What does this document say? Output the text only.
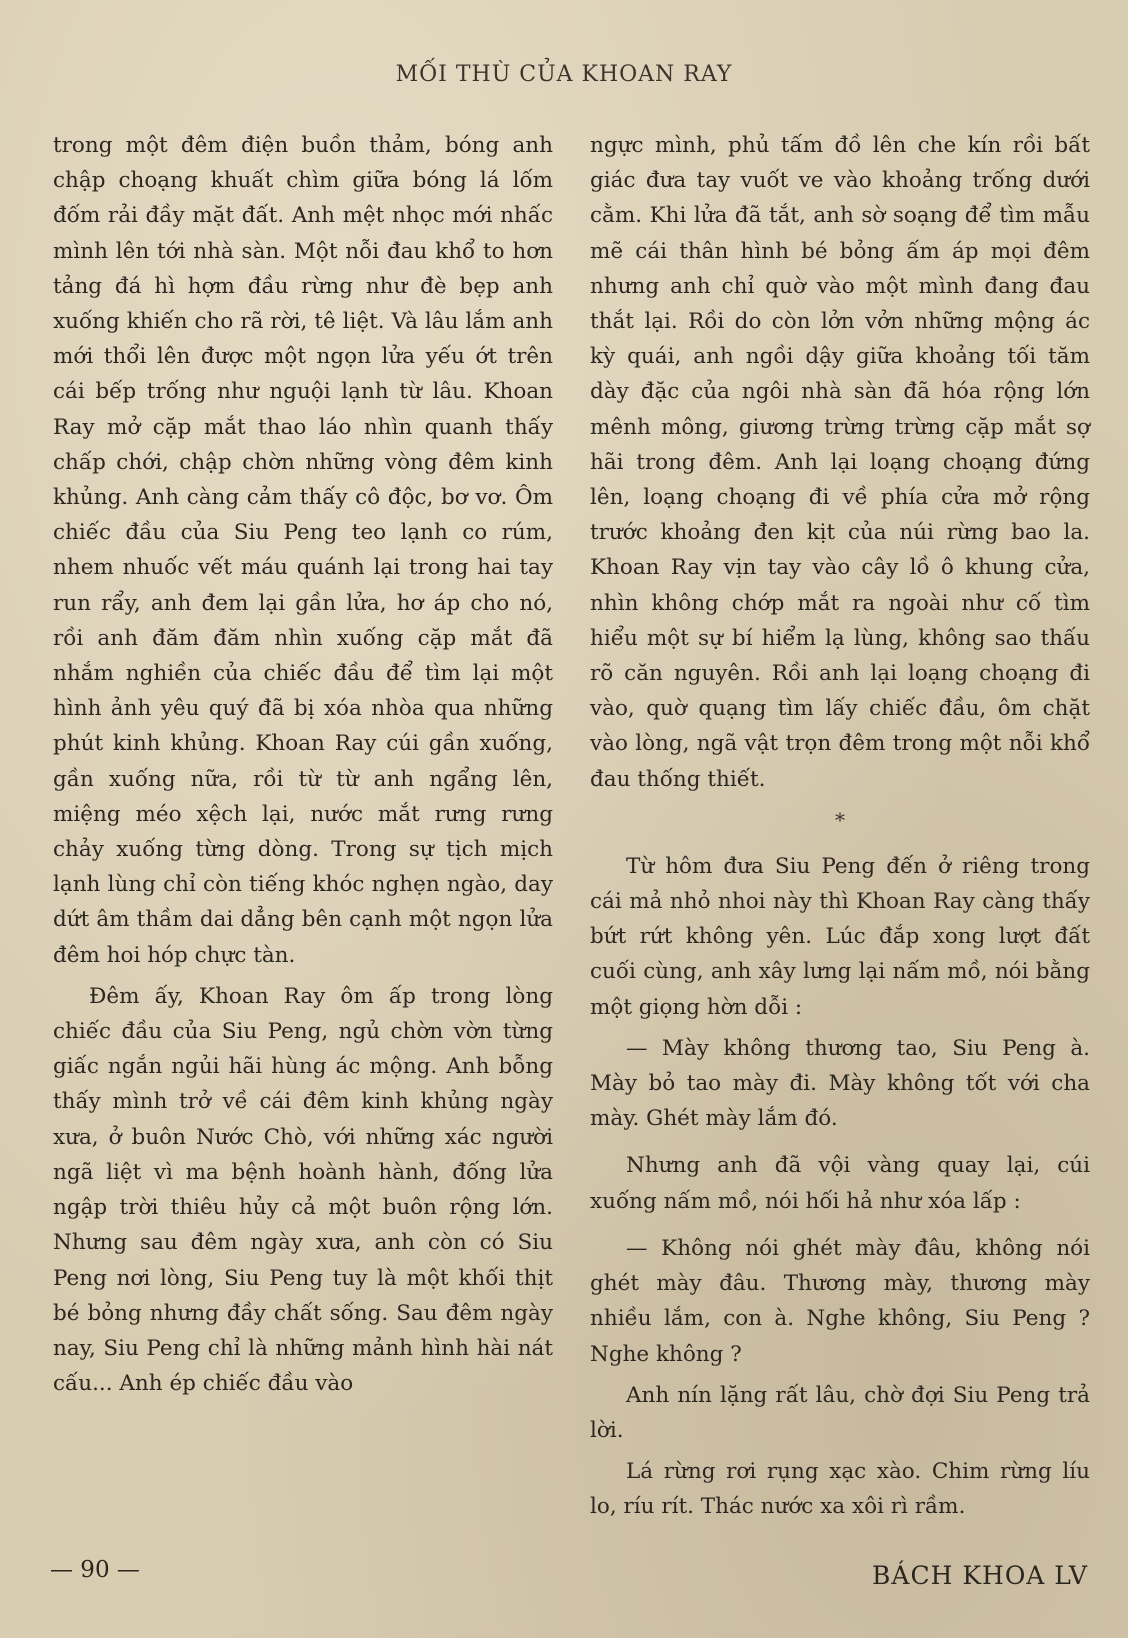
MỐI THÙ CỦA KHOAN RAY

trong một đêm điện buồn thảm, bóng anh chập choạng khuất chìm giữa bóng lá lốm đốm rải đầy mặt đất. Anh mệt nhọc mới nhấc mình lên tới nhà sàn. Một nỗi đau khổ to hơn tảng đá hì hợm đầu rừng như đè bẹp anh xuống khiến cho rã rời, tê liệt. Và lâu lắm anh mới thổi lên được một ngọn lửa yếu ớt trên cái bếp trống như nguội lạnh từ lâu. Khoan Ray mở cặp mắt thao láo nhìn quanh thấy chấp chới, chập chờn những vòng đêm kinh khủng. Anh càng cảm thấy cô độc, bơ vơ. Ôm chiếc đầu của Siu Peng teo lạnh co rúm, nhem nhuốc vết máu quánh lại trong hai tay run rẩy, anh đem lại gần lửa, hơ áp cho nó, rồi anh đăm đăm nhìn xuống cặp mắt đã nhắm nghiền của chiếc đầu để tìm lại một hình ảnh yêu quý đã bị xóa nhòa qua những phút kinh khủng. Khoan Ray cúi gần xuống, gần xuống nữa, rồi từ từ anh ngẩng lên, miệng méo xệch lại, nước mắt rưng rưng chảy xuống từng dòng. Trong sự tịch mịch lạnh lùng chỉ còn tiếng khóc nghẹn ngào, day dứt âm thầm dai dẳng bên cạnh một ngọn lửa đêm hoi hóp chực tàn.

Đêm ấy, Khoan Ray ôm ấp trong lòng chiếc đầu của Siu Peng, ngủ chờn vờn từng giấc ngắn ngủi hãi hùng ác mộng. Anh bỗng thấy mình trở về cái đêm kinh khủng ngày xưa, ở buôn Nước Chò, với những xác người ngã liệt vì ma bệnh hoành hành, đống lửa ngập trời thiêu hủy cả một buôn rộng lớn. Nhưng sau đêm ngày xưa, anh còn có Siu Peng nơi lòng, Siu Peng tuy là một khối thịt bé bỏng nhưng đầy chất sống. Sau đêm ngày nay, Siu Peng chỉ là những mảnh hình hài nát cấu... Anh ép chiếc đầu vào

ngực mình, phủ tấm đồ lên che kín rồi bất giác đưa tay vuốt ve vào khoảng trống dưới cằm. Khi lửa đã tắt, anh sờ soạng để tìm mẫu mẽ cái thân hình bé bỏng ấm áp mọi đêm nhưng anh chỉ quờ vào một mình đang đau thắt lại. Rồi do còn lởn vởn những mộng ác kỳ quái, anh ngồi dậy giữa khoảng tối tăm dày đặc của ngôi nhà sàn đã hóa rộng lớn mênh mông, giương trừng trừng cặp mắt sợ hãi trong đêm. Anh lại loạng choạng đứng lên, loạng choạng đi về phía cửa mở rộng trước khoảng đen kịt của núi rừng bao la. Khoan Ray vịn tay vào cây lồ ô khung cửa, nhìn không chớp mắt ra ngoài như cố tìm hiểu một sự bí hiểm lạ lùng, không sao thấu rõ căn nguyên. Rồi anh lại loạng choạng đi vào, quờ quạng tìm lấy chiếc đầu, ôm chặt vào lòng, ngã vật trọn đêm trong một nỗi khổ đau thống thiết.

*

Từ hôm đưa Siu Peng đến ở riêng trong cái mả nhỏ nhoi này thì Khoan Ray càng thấy bứt rứt không yên. Lúc đắp xong lượt đất cuối cùng, anh xây lưng lại nấm mồ, nói bằng một giọng hờn dỗi :

— Mày không thương tao, Siu Peng à. Mày bỏ tao mày đi. Mày không tốt với cha mày. Ghét mày lắm đó.

Nhưng anh đã vội vàng quay lại, cúi xuống nấm mồ, nói hối hả như xóa lấp :

— Không nói ghét mày đâu, không nói ghét mày đâu. Thương mày, thương mày nhiều lắm, con à. Nghe không, Siu Peng ? Nghe không ?

Anh nín lặng rất lâu, chờ đợi Siu Peng trả lời.

Lá rừng rơi rụng xạc xào. Chim rừng líu lo, ríu rít. Thác nước xa xôi rì rầm.

— 90 —	BÁCH KHOA LV
